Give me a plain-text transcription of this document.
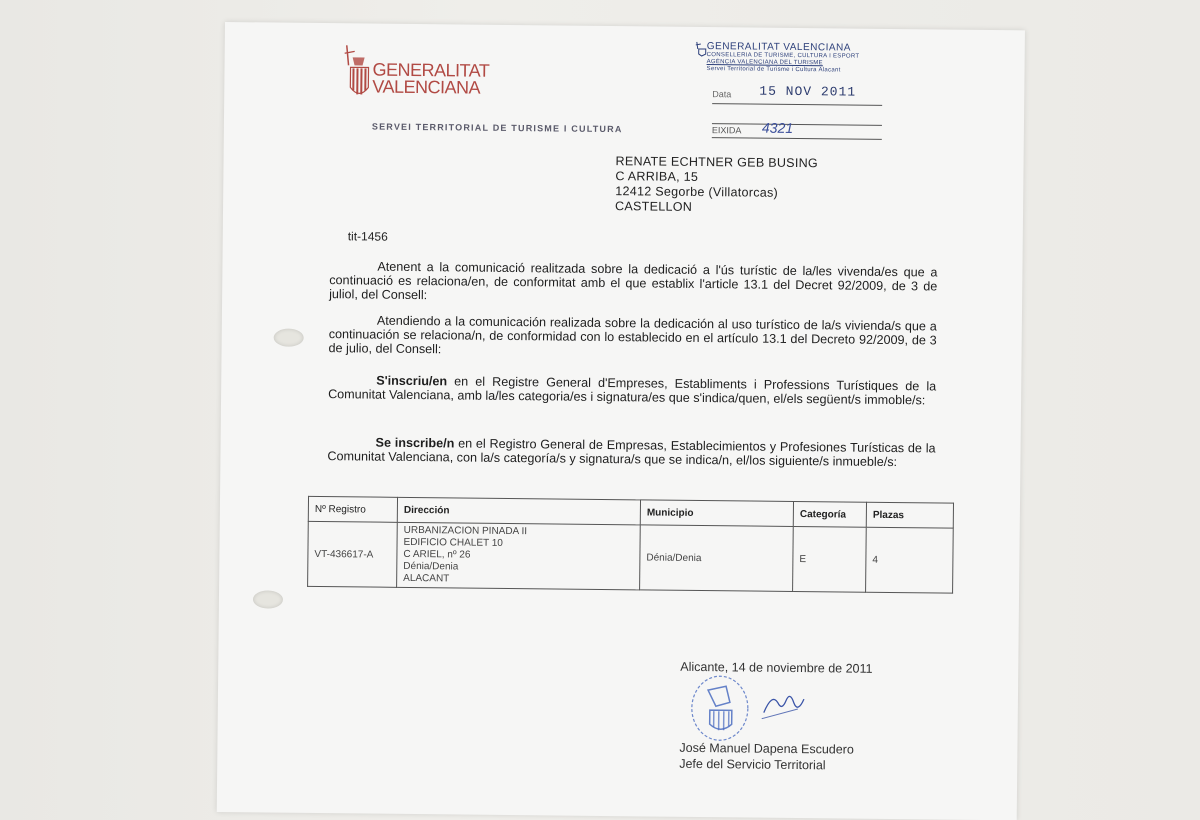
GENERALITAT
VALENCIANA
SERVEI TERRITORIAL DE TURISME I CULTURA
GENERALITAT VALENCIANA
CONSELLERIA DE TURISME, CULTURA I ESPORT
AGÈNCIA VALENCIANA DEL TURISME
Servei Territorial de Turisme i Cultura Alacant
Data 15 NOV 2011
EIXIDA 4321
RENATE ECHTNER GEB BUSING
C ARRIBA, 15
12412 Segorbe (Villatorcas)
CASTELLON
tit-1456
Atenent a la comunicació realitzada sobre la dedicació a l'ús turístic de la/les vivenda/es que a continuació es relaciona/en, de conformitat amb el que establix l'article 13.1 del Decret 92/2009, de 3 de juliol, del Consell:
Atendiendo a la comunicación realizada sobre la dedicación al uso turístico de la/s vivienda/s que a continuación se relaciona/n, de conformidad con lo establecido en el artículo 13.1 del Decreto 92/2009, de 3 de julio, del Consell:
S'inscriu/en en el Registre General d'Empreses, Establiments i Professions Turístiques de la Comunitat Valenciana, amb la/les categoria/es i signatura/es que s'indica/quen, el/els següent/s immoble/s:
Se inscribe/n en el Registro General de Empresas, Establecimientos y Profesiones Turísticas de la Comunitat Valenciana, con la/s categoría/s y signatura/s que se indica/n, el/los siguiente/s inmueble/s:
Nº Registro	Dirección	Municipio	Categoría	Plazas
VT-436617-A	URBANIZACION PINADA II
EDIFICIO CHALET 10
C ARIEL, nº 26
Dénia/Denia
ALACANT	Dénia/Denia	E	4
Alicante, 14 de noviembre de 2011
José Manuel Dapena Escudero
Jefe del Servicio Territorial
